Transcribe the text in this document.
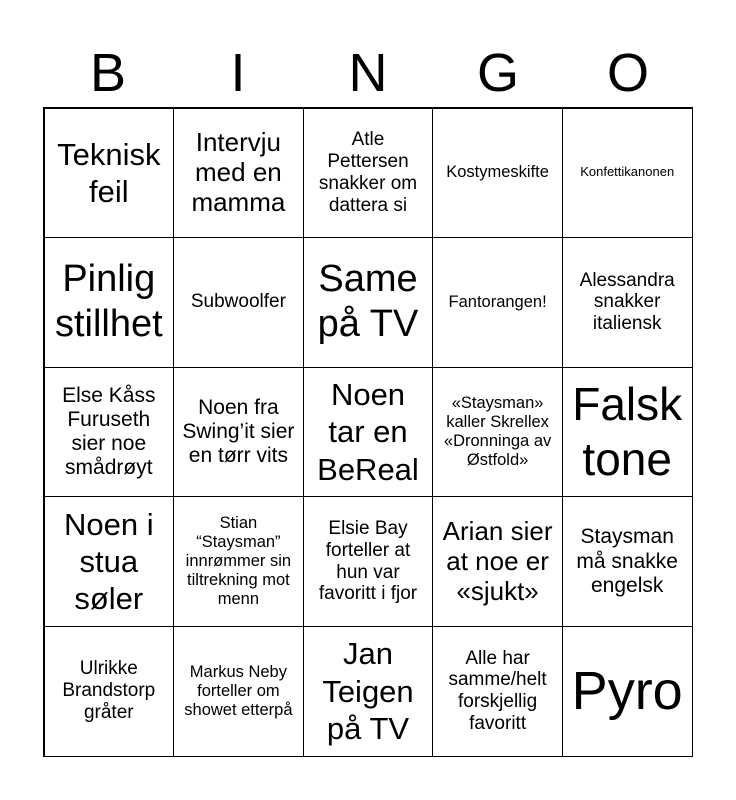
B	I	N	G	O
Teknisk feil
Intervju med en mamma
Atle Pettersen snakker om dattera si
Kostymeskifte	Konfettikanonen
Pinlig stillhet
Subwoolfer
Same på TV
Fantorangen!
Alessandra snakker italiensk
Else Kåss Furuseth sier noe smådrøyt
Noen fra Swing’it sier en tørr vits
Noen tar en BeReal
«Staysman» kaller Skrellex «Dronninga av Østfold»
Falsk tone
Noen i stua søler
Stian “Staysman” innrømmer sin tiltrekning mot menn
Elsie Bay forteller at hun var favoritt i fjor
Arian sier at noe er «sjukt»
Staysman må snakke engelsk
Ulrikke Brandstorp gråter
Markus Neby forteller om showet etterpå
Jan Teigen på TV
Alle har samme/helt forskjellig favoritt
Pyro
